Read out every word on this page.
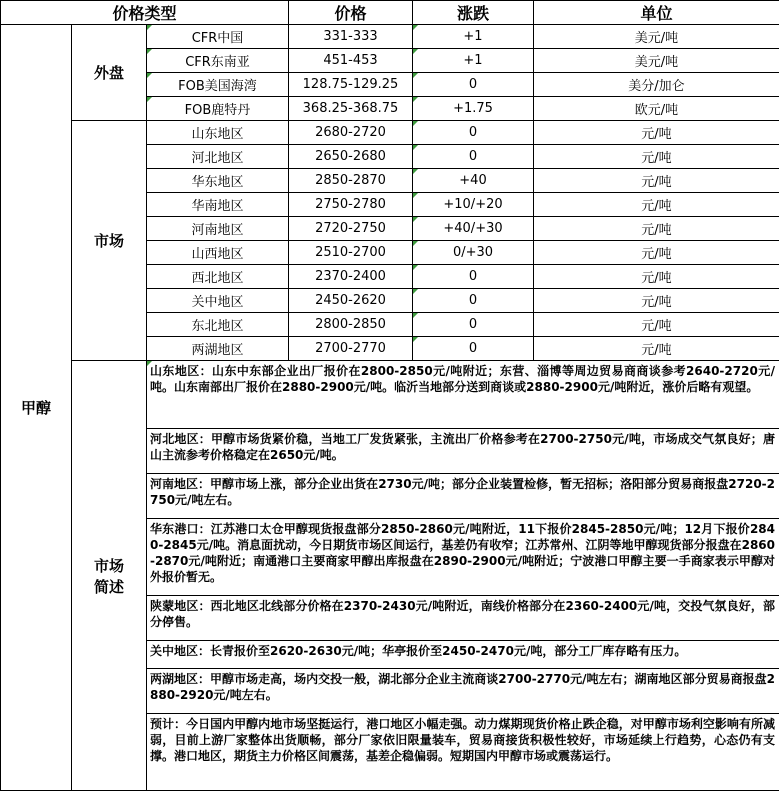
价格类型			价格	涨跌	单位
甲醇	外盘	CFR中国	331-333	+1	美元/吨
		CFR东南亚	451-453	+1	美元/吨
		FOB美国海湾	128.75-129.25	0	美分/加仑
		FOB鹿特丹	368.25-368.75	+1.75	欧元/吨
	市场	山东地区	2680-2720	0	元/吨
		河北地区	2650-2680	0	元/吨
		华东地区	2850-2870	+40	元/吨
		华南地区	2750-2780	+10/+20	元/吨
		河南地区	2720-2750	+40/+30	元/吨
		山西地区	2510-2700	0/+30	元/吨
		西北地区	2370-2400	0	元/吨
		关中地区	2450-2620	0	元/吨
		东北地区	2800-2850	0	元/吨
		两湖地区	2700-2770	0	元/吨

	市场
简述	山东地区：山东中东部企业出厂报价在2800-2850元/吨附近；东营、淄博等周边贸易商商谈参考2640-2720元/吨。山东南部出厂报价在2880-2900元/吨。临沂当地部分送到商谈或2880-2900元/吨附近，涨价后略有观望。			
		河北地区：甲醇市场货紧价稳，当地工厂发货紧张，主流出厂价格参考在2700-2750元/吨，市场成交气氛良好；唐山主流参考价格稳定在2650元/吨。			
		河南地区：甲醇市场上涨，部分企业出货在2730元/吨；部分企业装置检修，暂无招标；洛阳部分贸易商报盘2720-2750元/吨左右。			
		华东港口：江苏港口太仓甲醇现货报盘部分2850-2860元/吨附近，11下报价2845-2850元/吨；12月下报价2840-2845元/吨。消息面扰动，今日期货市场区间运行，基差仍有收窄；江苏常州、江阴等地甲醇现货部分报盘在2860-2870元/吨附近；南通港口主要商家甲醇出库报盘在2890-2900元/吨附近；宁波港口甲醇主要一手商家表示甲醇对外报价暂无。			
		陕蒙地区：西北地区北线部分价格在2370-2430元/吨附近，南线价格部分在2360-2400元/吨，交投气氛良好，部分停售。			
		关中地区：长青报价至2620-2630元/吨；华亭报价至2450-2470元/吨，部分工厂库存略有压力。			
		两湖地区：甲醇市场走高，场内交投一般，湖北部分企业主流商谈2700-2770元/吨左右；湖南地区部分贸易商报盘2880-2920元/吨左右。			
		预计：今日国内甲醇内地市场坚挺运行，港口地区小幅走强。动力煤期现货价格止跌企稳，对甲醇市场利空影响有所减弱，目前上游厂家整体出货顺畅，部分厂家依旧限量装车，贸易商接货积极性较好，市场延续上行趋势，心态仍有支撑。港口地区，期货主力价格区间震荡，基差企稳偏弱。短期国内甲醇市场或震荡运行。			
